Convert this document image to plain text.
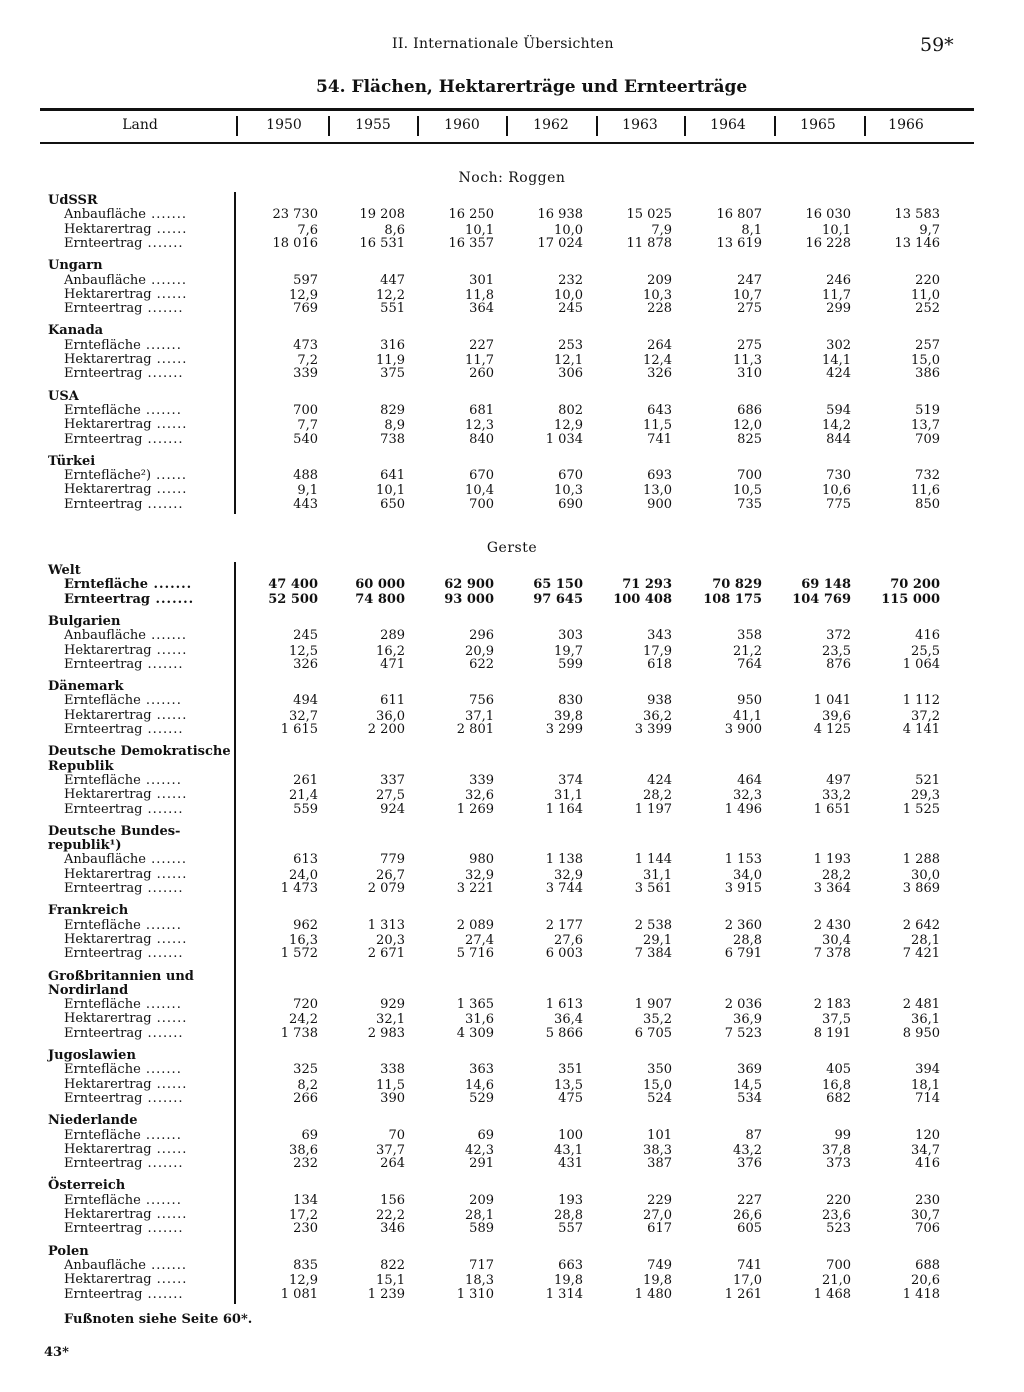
II. Internationale Übersichten	59*
54. Flächen, Hektarerträge und Ernteerträge
Land	1950	1955	1960	1962	1963	1964	1965	1966
Noch: Roggen
UdSSR
Anbaufläche .......	23 730	19 208	16 250	16 938	15 025	16 807	16 030	13 583
Hektarertrag ......	7,6	8,6	10,1	10,0	7,9	8,1	10,1	9,7
Ernteertrag .......	18 016	16 531	16 357	17 024	11 878	13 619	16 228	13 146
Ungarn
Anbaufläche .......	597	447	301	232	209	247	246	220
Hektarertrag ......	12,9	12,2	11,8	10,0	10,3	10,7	11,7	11,0
Ernteertrag .......	769	551	364	245	228	275	299	252
Kanada
Erntefläche .......	473	316	227	253	264	275	302	257
Hektarertrag ......	7,2	11,9	11,7	12,1	12,4	11,3	14,1	15,0
Ernteertrag .......	339	375	260	306	326	310	424	386
USA
Erntefläche .......	700	829	681	802	643	686	594	519
Hektarertrag ......	7,7	8,9	12,3	12,9	11,5	12,0	14,2	13,7
Ernteertrag .......	540	738	840	1 034	741	825	844	709
Türkei
Erntefläche²) ......	488	641	670	670	693	700	730	732
Hektarertrag ......	9,1	10,1	10,4	10,3	13,0	10,5	10,6	11,6
Ernteertrag .......	443	650	700	690	900	735	775	850
Gerste
Welt
Erntefläche .......	47 400	60 000	62 900	65 150	71 293	70 829	69 148	70 200
Ernteertrag .......	52 500	74 800	93 000	97 645	100 408	108 175	104 769	115 000
Bulgarien
Anbaufläche .......	245	289	296	303	343	358	372	416
Hektarertrag ......	12,5	16,2	20,9	19,7	17,9	21,2	23,5	25,5
Ernteertrag .......	326	471	622	599	618	764	876	1 064
Dänemark
Erntefläche .......	494	611	756	830	938	950	1 041	1 112
Hektarertrag ......	32,7	36,0	37,1	39,8	36,2	41,1	39,6	37,2
Ernteertrag .......	1 615	2 200	2 801	3 299	3 399	3 900	4 125	4 141
Deutsche Demokratische
Republik
Erntefläche .......	261	337	339	374	424	464	497	521
Hektarertrag ......	21,4	27,5	32,6	31,1	28,2	32,3	33,2	29,3
Ernteertrag .......	559	924	1 269	1 164	1 197	1 496	1 651	1 525
Deutsche Bundes-
republik¹)
Anbaufläche .......	613	779	980	1 138	1 144	1 153	1 193	1 288
Hektarertrag ......	24,0	26,7	32,9	32,9	31,1	34,0	28,2	30,0
Ernteertrag .......	1 473	2 079	3 221	3 744	3 561	3 915	3 364	3 869
Frankreich
Erntefläche .......	962	1 313	2 089	2 177	2 538	2 360	2 430	2 642
Hektarertrag ......	16,3	20,3	27,4	27,6	29,1	28,8	30,4	28,1
Ernteertrag .......	1 572	2 671	5 716	6 003	7 384	6 791	7 378	7 421
Großbritannien und
Nordirland
Erntefläche .......	720	929	1 365	1 613	1 907	2 036	2 183	2 481
Hektarertrag ......	24,2	32,1	31,6	36,4	35,2	36,9	37,5	36,1
Ernteertrag .......	1 738	2 983	4 309	5 866	6 705	7 523	8 191	8 950
Jugoslawien
Erntefläche .......	325	338	363	351	350	369	405	394
Hektarertrag ......	8,2	11,5	14,6	13,5	15,0	14,5	16,8	18,1
Ernteertrag .......	266	390	529	475	524	534	682	714
Niederlande
Erntefläche .......	69	70	69	100	101	87	99	120
Hektarertrag ......	38,6	37,7	42,3	43,1	38,3	43,2	37,8	34,7
Ernteertrag .......	232	264	291	431	387	376	373	416
Österreich
Erntefläche .......	134	156	209	193	229	227	220	230
Hektarertrag ......	17,2	22,2	28,1	28,8	27,0	26,6	23,6	30,7
Ernteertrag .......	230	346	589	557	617	605	523	706
Polen
Anbaufläche .......	835	822	717	663	749	741	700	688
Hektarertrag ......	12,9	15,1	18,3	19,8	19,8	17,0	21,0	20,6
Ernteertrag .......	1 081	1 239	1 310	1 314	1 480	1 261	1 468	1 418
Fußnoten siehe Seite 60*.
43*
